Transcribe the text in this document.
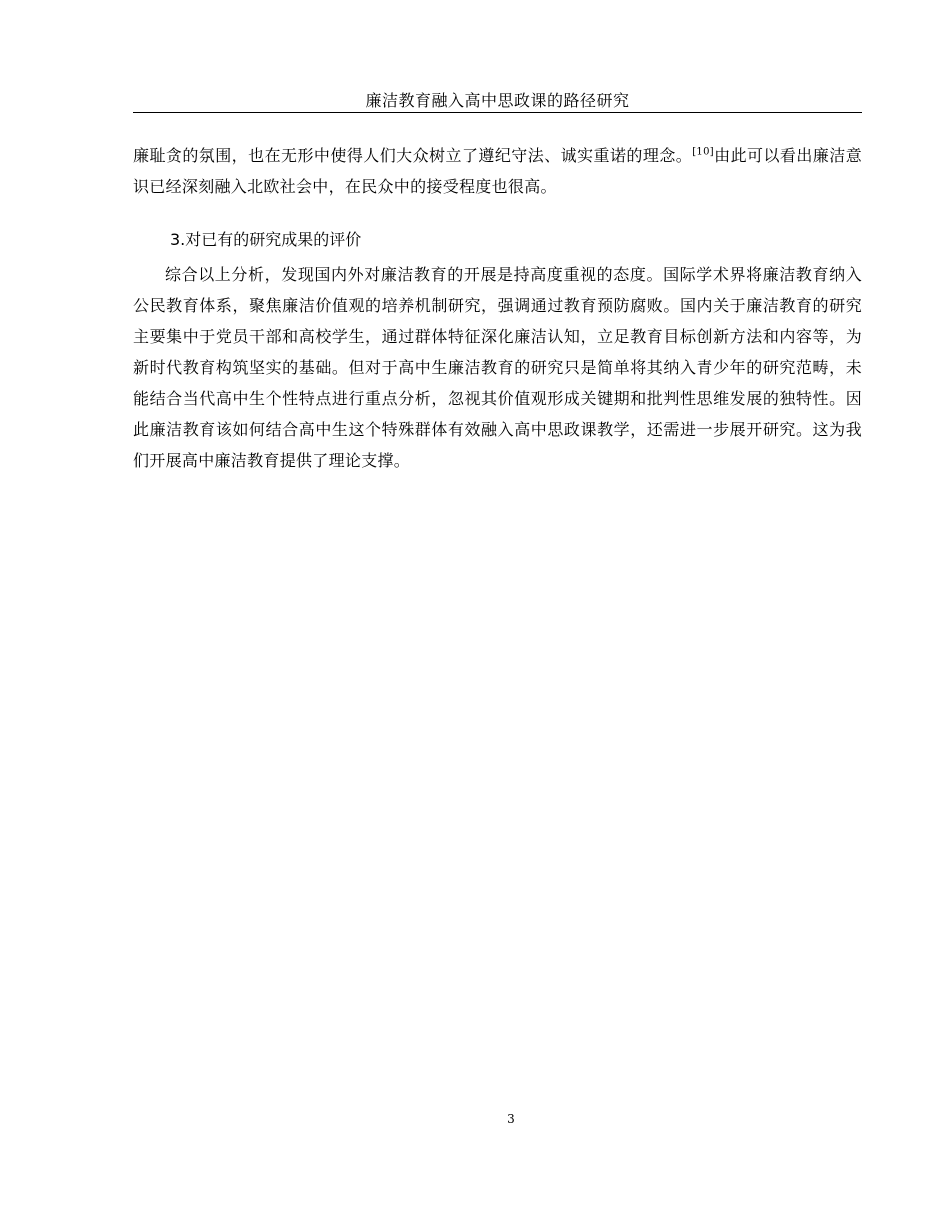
廉洁教育融入高中思政课的路径研究

廉耻贪的氛围，也在无形中使得人们大众树立了遵纪守法、诚实重诺的理念。[10]由此可以看出廉洁意识已经深刻融入北欧社会中，在民众中的接受程度也很高。

3.对已有的研究成果的评价

综合以上分析，发现国内外对廉洁教育的开展是持高度重视的态度。国际学术界将廉洁教育纳入公民教育体系，聚焦廉洁价值观的培养机制研究，强调通过教育预防腐败。国内关于廉洁教育的研究主要集中于党员干部和高校学生，通过群体特征深化廉洁认知，立足教育目标创新方法和内容等，为新时代教育构筑坚实的基础。但对于高中生廉洁教育的研究只是简单将其纳入青少年的研究范畴，未能结合当代高中生个性特点进行重点分析，忽视其价值观形成关键期和批判性思维发展的独特性。因此廉洁教育该如何结合高中生这个特殊群体有效融入高中思政课教学，还需进一步展开研究。这为我们开展高中廉洁教育提供了理论支撑。

3
